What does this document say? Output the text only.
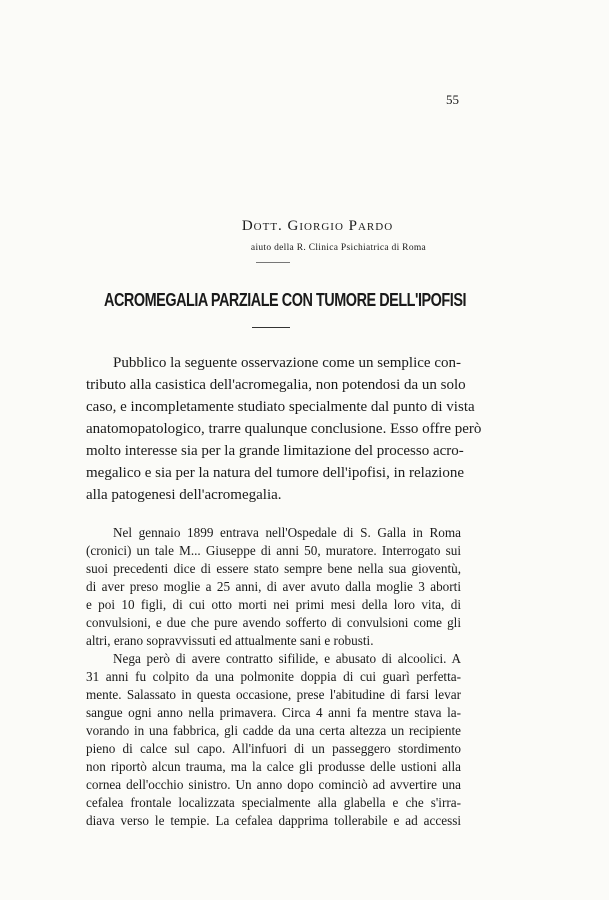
55
Dott. Giorgio Pardo
aiuto della R. Clinica Psichiatrica di Roma
ACROMEGALIA PARZIALE CON TUMORE DELL'IPOFISI
Pubblico la seguente osservazione come un semplice con-
tributo alla casistica dell'acromegalia, non potendosi da un solo
caso, e incompletamente studiato specialmente dal punto di vista
anatomopatologico, trarre qualunque conclusione. Esso offre però
molto interesse sia per la grande limitazione del processo acro-
megalico e sia per la natura del tumore dell'ipofisi, in relazione
alla patogenesi dell'acromegalia.
Nel gennaio 1899 entrava nell'Ospedale di S. Galla in Roma
(cronici) un tale M... Giuseppe di anni 50, muratore. Interrogato sui
suoi precedenti dice di essere stato sempre bene nella sua gioventù,
di aver preso moglie a 25 anni, di aver avuto dalla moglie 3 aborti
e poi 10 figli, di cui otto morti nei primi mesi della loro vita, di
convulsioni, e due che pure avendo sofferto di convulsioni come gli
altri, erano sopravvissuti ed attualmente sani e robusti.
Nega però di avere contratto sifilide, e abusato di alcoolici. A
31 anni fu colpito da una polmonite doppia di cui guarì perfetta-
mente. Salassato in questa occasione, prese l'abitudine di farsi levar
sangue ogni anno nella primavera. Circa 4 anni fa mentre stava la-
vorando in una fabbrica, gli cadde da una certa altezza un recipiente
pieno di calce sul capo. All'infuori di un passeggero stordimento
non riportò alcun trauma, ma la calce gli produsse delle ustioni alla
cornea dell'occhio sinistro. Un anno dopo cominciò ad avvertire una
cefalea frontale localizzata specialmente alla glabella e che s'irra-
diava verso le tempie. La cefalea dapprima tollerabile e ad accessi
